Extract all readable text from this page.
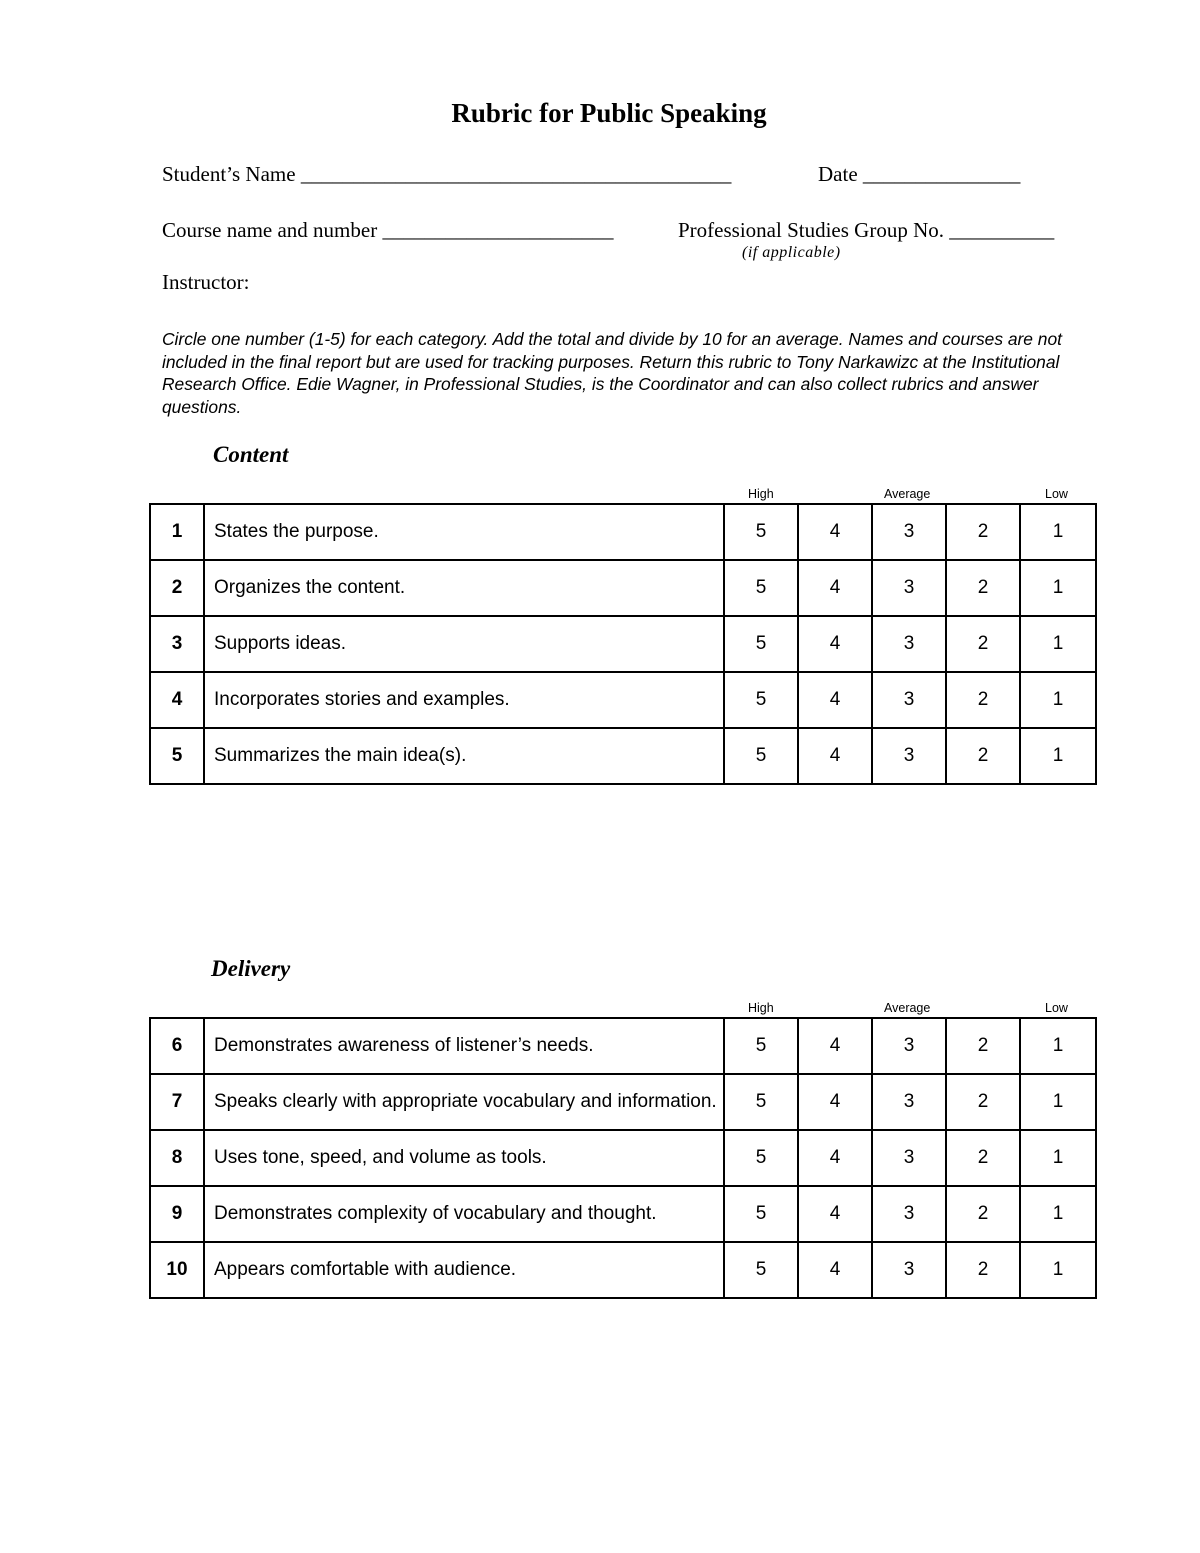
Rubric for Public Speaking
Student’s Name _________________________________________	Date _______________
Course name and number ______________________	Professional Studies Group No. __________
(if applicable)
Instructor:
Circle one number (1-5) for each category. Add the total and divide by 10 for an average. Names and courses are not included in the final report but are used for tracking purposes. Return this rubric to Tony Narkawizc at the Institutional Research Office. Edie Wagner, in Professional Studies, is the Coordinator and can also collect rubrics and answer questions.
Content
High	Average	Low
1	States the purpose.	5	4	3	2	1
2	Organizes the content.	5	4	3	2	1
3	Supports ideas.	5	4	3	2	1
4	Incorporates stories and examples.	5	4	3	2	1
5	Summarizes the main idea(s).	5	4	3	2	1
Delivery
High	Average	Low
6	Demonstrates awareness of listener’s needs.	5	4	3	2	1
7	Speaks clearly with appropriate vocabulary and information.	5	4	3	2	1
8	Uses tone, speed, and volume as tools.	5	4	3	2	1
9	Demonstrates complexity of vocabulary and thought.	5	4	3	2	1
10	Appears comfortable with audience.	5	4	3	2	1
